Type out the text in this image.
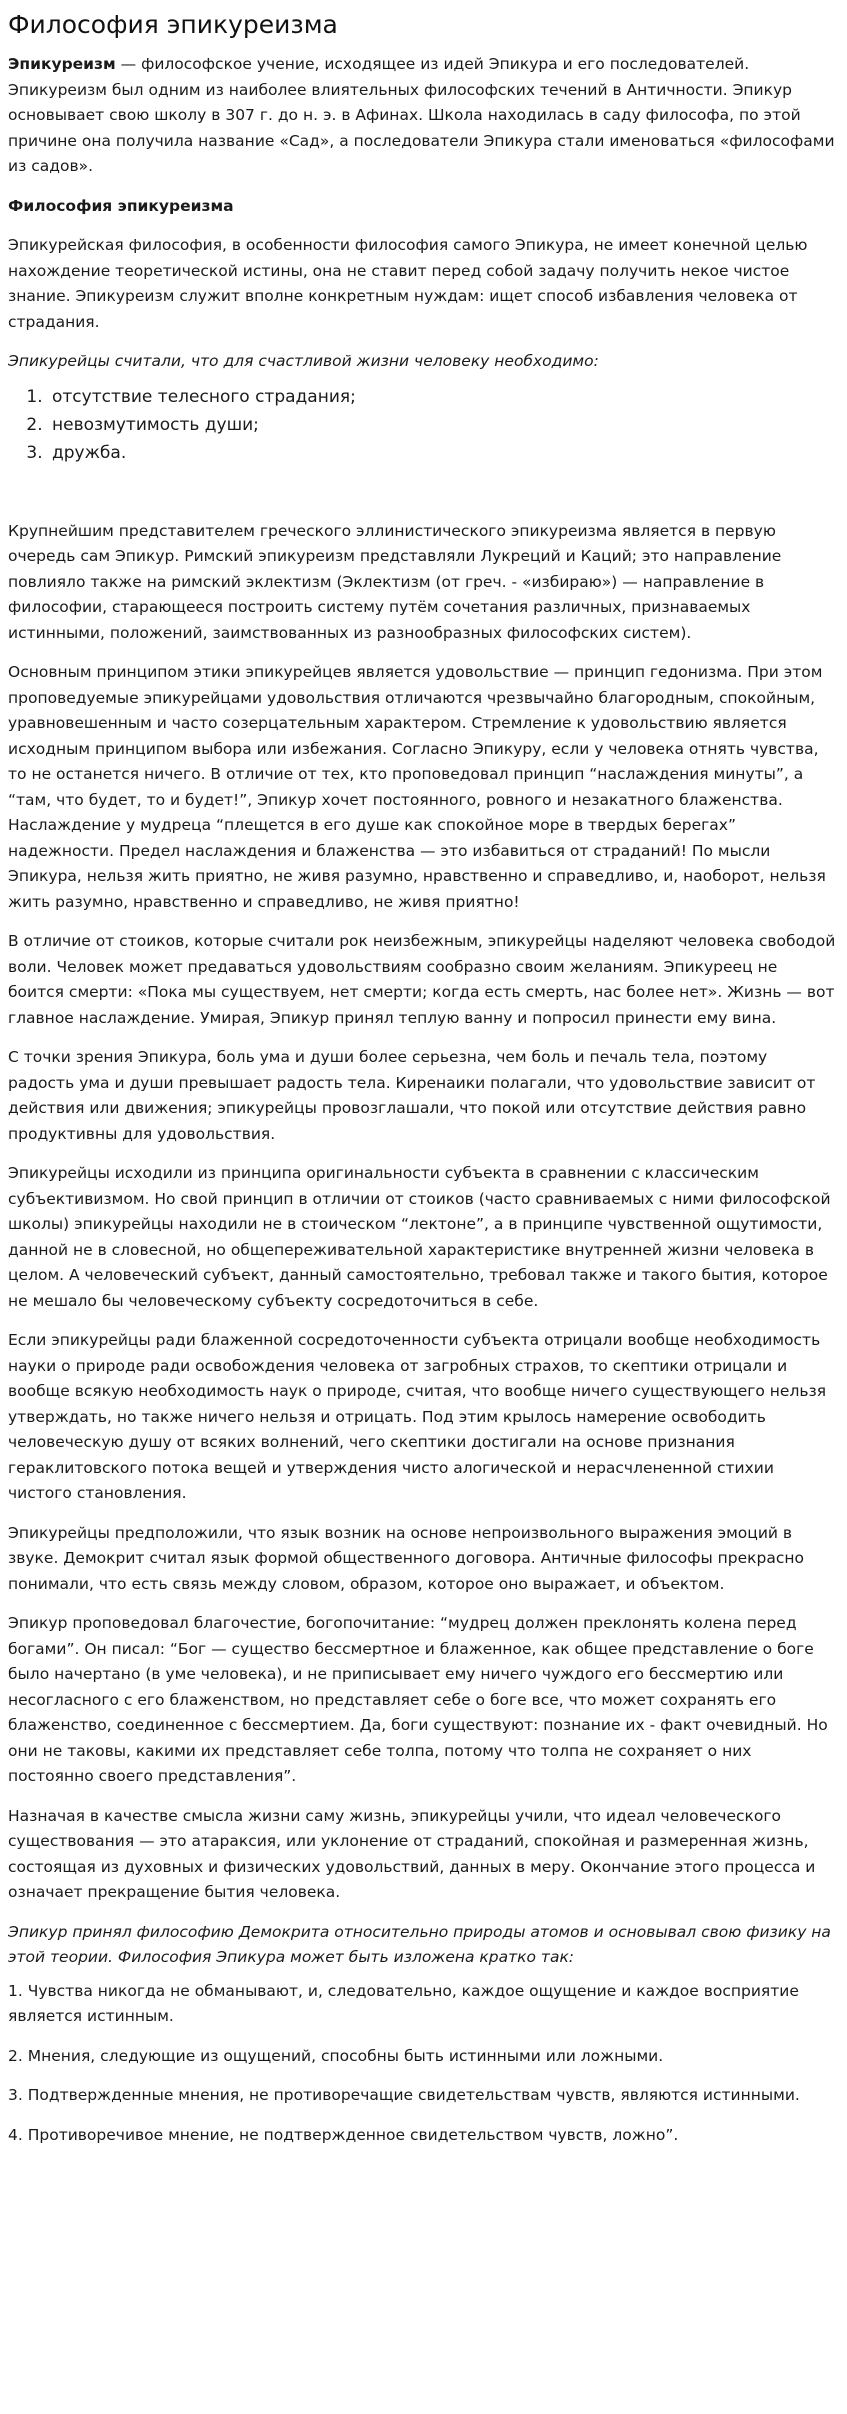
Философия эпикуреизма

Эпикуреизм — философское учение, исходящее из идей Эпикура и его последователей. Эпикуреизм был одним из наиболее влиятельных философских течений в Античности. Эпикур основывает свою школу в 307 г. до н. э. в Афинах. Школа находилась в саду философа, по этой причине она получила название «Сад», а последователи Эпикура стали именоваться «философами из садов».

Философия эпикуреизма

Эпикурейская философия, в особенности философия самого Эпикура, не имеет конечной целью нахождение теоретической истины, она не ставит перед собой задачу получить некое чистое знание. Эпикуреизм служит вполне конкретным нуждам: ищет способ избавления человека от страдания.

Эпикурейцы считали, что для счастливой жизни человеку необходимо:

1. отсутствие телесного страдания;
2. невозмутимость души;
3. дружба.

Крупнейшим представителем греческого эллинистического эпикуреизма является в первую очередь сам Эпикур. Римский эпикуреизм представляли Лукреций и Каций; это направление повлияло также на римский эклектизм (Эклектизм (от греч. - «избираю») — направление в философии, старающееся построить систему путём сочетания различных, признаваемых истинными, положений, заимствованных из разнообразных философских систем).

Основным принципом этики эпикурейцев является удовольствие — принцип гедонизма. При этом проповедуемые эпикурейцами удовольствия отличаются чрезвычайно благородным, спокойным, уравновешенным и часто созерцательным характером. Стремление к удовольствию является исходным принципом выбора или избежания. Согласно Эпикуру, если у человека отнять чувства, то не останется ничего. В отличие от тех, кто проповедовал принцип “наслаждения минуты”, а “там, что будет, то и будет!”, Эпикур хочет постоянного, ровного и незакатного блаженства. Наслаждение у мудреца “плещется в его душе как спокойное море в твердых берегах” надежности. Предел наслаждения и блаженства — это избавиться от страданий! По мысли Эпикура, нельзя жить приятно, не живя разумно, нравственно и справедливо, и, наоборот, нельзя жить разумно, нравственно и справедливо, не живя приятно!

В отличие от стоиков, которые считали рок неизбежным, эпикурейцы наделяют человека свободой воли. Человек может предаваться удовольствиям сообразно своим желаниям. Эпикуреец не боится смерти: «Пока мы существуем, нет смерти; когда есть смерть, нас более нет». Жизнь — вот главное наслаждение. Умирая, Эпикур принял теплую ванну и попросил принести ему вина.

С точки зрения Эпикура, боль ума и души более серьезна, чем боль и печаль тела, поэтому радость ума и души превышает радость тела. Киренаики полагали, что удовольствие зависит от действия или движения; эпикурейцы провозглашали, что покой или отсутствие действия равно продуктивны для удовольствия.

Эпикурейцы исходили из принципа оригинальности субъекта в сравнении с классическим субъективизмом. Но свой принцип в отличии от стоиков (часто сравниваемых с ними философской школы) эпикурейцы находили не в стоическом “лектоне”, а в принципе чувственной ощутимости, данной не в словесной, но общепереживательной характеристике внутренней жизни человека в целом. А человеческий субъект, данный самостоятельно, требовал также и такого бытия, которое не мешало бы человеческому субъекту сосредоточиться в себе.

Если эпикурейцы ради блаженной сосредоточенности субъекта отрицали вообще необходимость науки о природе ради освобождения человека от загробных страхов, то скептики отрицали и вообще всякую необходимость наук о природе, считая, что вообще ничего существующего нельзя утверждать, но также ничего нельзя и отрицать. Под этим крылось намерение освободить человеческую душу от всяких волнений, чего скептики достигали на основе признания гераклитовского потока вещей и утверждения чисто алогической и нерасчлененной стихии чистого становления.

Эпикурейцы предположили, что язык возник на основе непроизвольного выражения эмоций в звуке. Демокрит считал язык формой общественного договора. Античные философы прекрасно понимали, что есть связь между словом, образом, которое оно выражает, и объектом.

Эпикур проповедовал благочестие, богопочитание: “мудрец должен преклонять колена перед богами”. Он писал: “Бог — существо бессмертное и блаженное, как общее представление о боге было начертано (в уме человека), и не приписывает ему ничего чуждого его бессмертию или несогласного с его блаженством, но представляет себе о боге все, что может сохранять его блаженство, соединенное с бессмертием. Да, боги существуют: познание их - факт очевидный. Но они не таковы, какими их представляет себе толпа, потому что толпа не сохраняет о них постоянно своего представления”.

Назначая в качестве смысла жизни саму жизнь, эпикурейцы учили, что идеал человеческого существования — это атараксия, или уклонение от страданий, спокойная и размеренная жизнь, состоящая из духовных и физических удовольствий, данных в меру. Окончание этого процесса и означает прекращение бытия человека.

Эпикур принял философию Демокрита относительно природы атомов и основывал свою физику на этой теории. Философия Эпикура может быть изложена кратко так:

1. Чувства никогда не обманывают, и, следовательно, каждое ощущение и каждое восприятие является истинным.

2. Мнения, следующие из ощущений, способны быть истинными или ложными.

3. Подтвержденные мнения, не противоречащие свидетельствам чувств, являются истинными.

4. Противоречивое мнение, не подтвержденное свидетельством чувств, ложно”.
